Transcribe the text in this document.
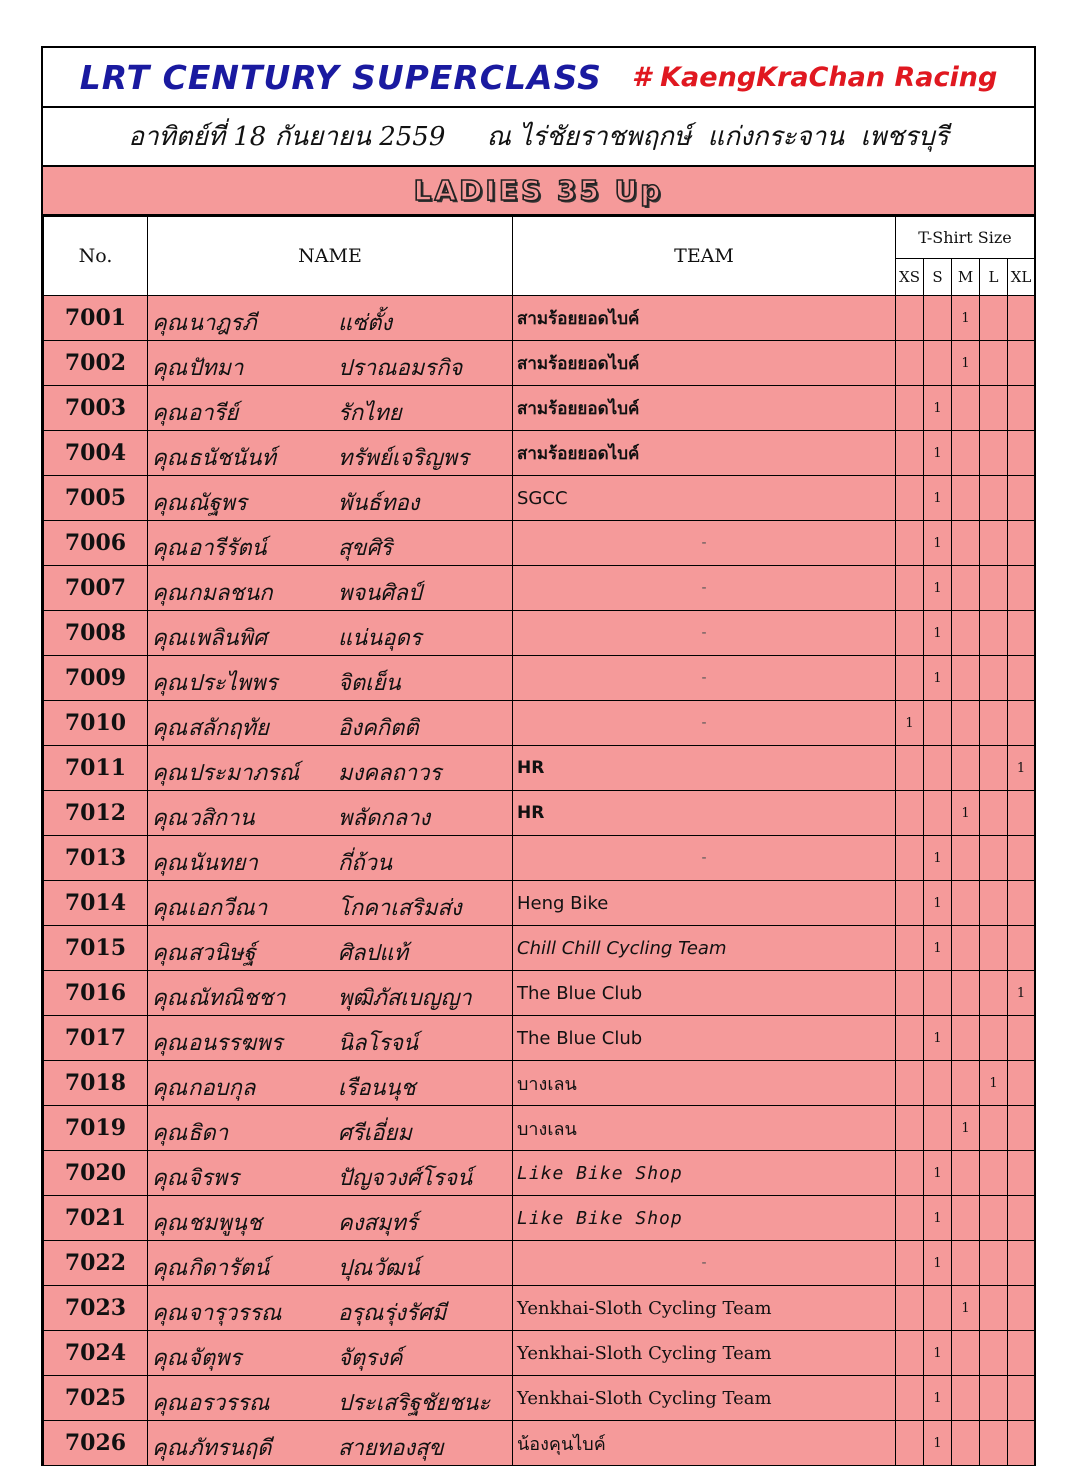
LRT CENTURY SUPERCLASS # KaengKraChan Racing
อาทิตย์ที่ 18 กันยายน 2559     ณ ไร่ชัยราชพฤกษ์  แก่งกระจาน  เพชรบุรี
LADIES 35 Up
No.	NAME	TEAM	T-Shirt Size				
			XS	S	M	L	XL
7001	คุณ นาฎรภี แซ่ตั้ง	สามร้อยยอดไบค์			1		
7002	คุณ ปัทมา ปราณอมรกิจ	สามร้อยยอดไบค์			1		
7003	คุณ อารีย์ รักไทย	สามร้อยยอดไบค์		1			
7004	คุณ ธนัชนันท์ ทรัพย์เจริญพร	สามร้อยยอดไบค์		1			
7005	คุณ ณัฐพร พันธ์ทอง	SGCC		1			
7006	คุณ อารีรัตน์ สุขศิริ	-		1			
7007	คุณ กมลชนก พจนศิลป์	-		1			
7008	คุณ เพลินพิศ แน่นอุดร	-		1			
7009	คุณ ประไพพร จิตเย็น	-		1			
7010	คุณ สลักฤทัย อิงคกิตติ	-	1				
7011	คุณ ประมาภรณ์ มงคลถาวร	HR					1
7012	คุณ วสิกาน พลัดกลาง	HR			1		
7013	คุณ นันทยา กี่ถ้วน	-		1			
7014	คุณ เอกวีณา โกคาเสริมส่ง	Heng Bike		1			
7015	คุณ สวนิษฐ์ ศิลปแท้	Chill Chill Cycling Team		1			
7016	คุณ ณัทณิชชา พุฒิภัสเบญญา	The Blue Club					1
7017	คุณ อนรรฆพร นิลโรจน์	The Blue Club		1			
7018	คุณ กอบกุล เรือนนุช	บางเลน				1	
7019	คุณ ธิดา ศรีเอี่ยม	บางเลน			1		
7020	คุณ จิรพร ปัญจวงศ์โรจน์	Like Bike Shop		1			
7021	คุณ ชมพูนุช คงสมุทร์	Like Bike Shop		1			
7022	คุณ กิดารัตน์ ปุณวัฒน์	-		1			
7023	คุณ จารุวรรณ อรุณรุ่งรัศมี	Yenkhai-Sloth Cycling Team			1		
7024	คุณ จัตุพร จัตุรงค์	Yenkhai-Sloth Cycling Team		1			
7025	คุณ อรวรรณ ประเสริฐชัยชนะ	Yenkhai-Sloth Cycling Team		1			
7026	คุณ ภัทรนฤดี สายทองสุข	น้องคุนไบค์		1			
